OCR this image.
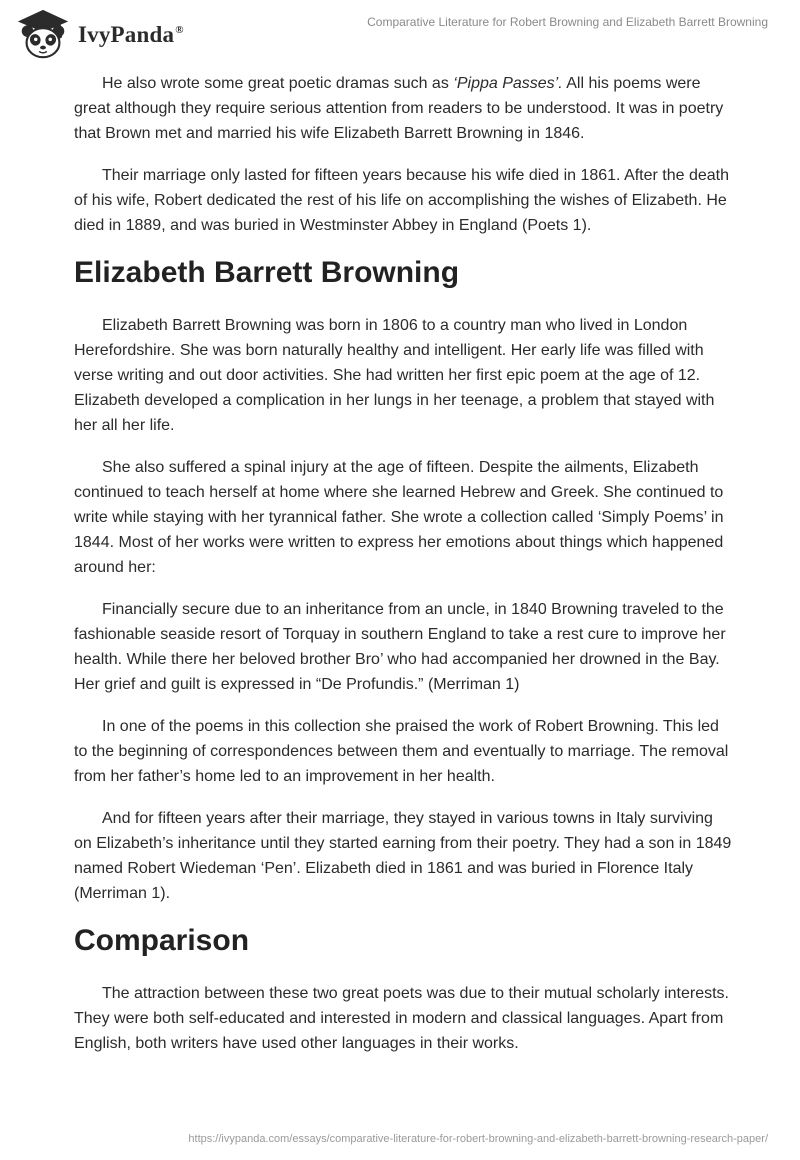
IvyPanda®
Comparative Literature for Robert Browning and Elizabeth Barrett Browning

He also wrote some great poetic dramas such as ‘Pippa Passes’. All his poems were great although they require serious attention from readers to be understood. It was in poetry that Brown met and married his wife Elizabeth Barrett Browning in 1846.

Their marriage only lasted for fifteen years because his wife died in 1861. After the death of his wife, Robert dedicated the rest of his life on accomplishing the wishes of Elizabeth. He died in 1889, and was buried in Westminster Abbey in England (Poets 1).

Elizabeth Barrett Browning

Elizabeth Barrett Browning was born in 1806 to a country man who lived in London Herefordshire. She was born naturally healthy and intelligent. Her early life was filled with verse writing and out door activities. She had written her first epic poem at the age of 12. Elizabeth developed a complication in her lungs in her teenage, a problem that stayed with her all her life.

She also suffered a spinal injury at the age of fifteen. Despite the ailments, Elizabeth continued to teach herself at home where she learned Hebrew and Greek. She continued to write while staying with her tyrannical father. She wrote a collection called ‘Simply Poems’ in 1844. Most of her works were written to express her emotions about things which happened around her:

Financially secure due to an inheritance from an uncle, in 1840 Browning traveled to the fashionable seaside resort of Torquay in southern England to take a rest cure to improve her health. While there her beloved brother Bro’ who had accompanied her drowned in the Bay. Her grief and guilt is expressed in “De Profundis.” (Merriman 1)

In one of the poems in this collection she praised the work of Robert Browning. This led to the beginning of correspondences between them and eventually to marriage. The removal from her father’s home led to an improvement in her health.

And for fifteen years after their marriage, they stayed in various towns in Italy surviving on Elizabeth’s inheritance until they started earning from their poetry. They had a son in 1849 named Robert Wiedeman ‘Pen’. Elizabeth died in 1861 and was buried in Florence Italy (Merriman 1).

Comparison

The attraction between these two great poets was due to their mutual scholarly interests. They were both self-educated and interested in modern and classical languages. Apart from English, both writers have used other languages in their works.

https://ivypanda.com/essays/comparative-literature-for-robert-browning-and-elizabeth-barrett-browning-research-paper/
